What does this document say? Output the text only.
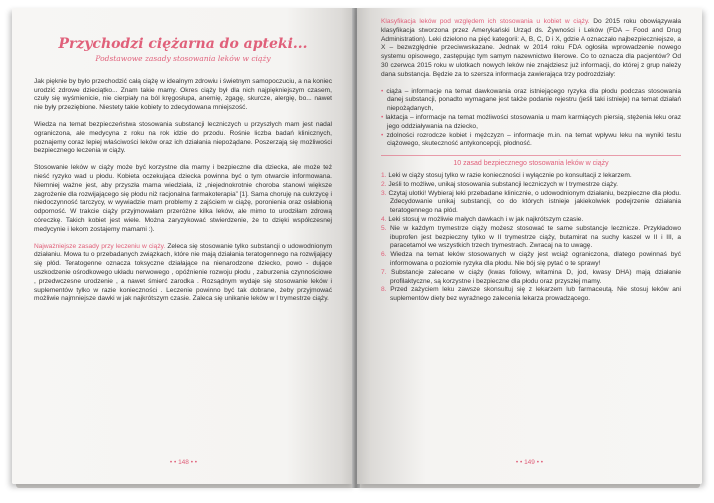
Przychodzi ciężarna do apteki...
Podstawowe zasady stosowania leków w ciąży

Jak pięknie by było przechodzić całą ciążę w idealnym zdrowiu i świetnym samopoczuciu, a na koniec urodzić zdrowe dzieciątko... Znam takie mamy. Okres ciąży był dla nich najpiękniejszym czasem, czuły się wyśmienicie, nie cierpiały na ból kręgosłupa, anemię, zgagę, skurcze, alergię, bo... nawet nie były przeziębione. Niestety takie kobiety to zdecydowana mniejszość.

Wiedza na temat bezpieczeństwa stosowania substancji leczniczych u przyszłych mam jest nadal ograniczona, ale medycyna z roku na rok idzie do przodu. Rośnie liczba badań klinicznych, poznajemy coraz lepiej właściwości leków oraz ich działania niepożądane. Poszerzają się możliwości bezpiecznego leczenia w ciąży.

Stosowanie leków w ciąży może być korzystne dla mamy i bezpieczne dla dziecka, ale może też nieść ryzyko wad u płodu. Kobieta oczekująca dziecka powinna być o tym otwarcie informowana. Niemniej ważne jest, aby przyszła mama wiedziała, iż „niejednokrotnie choroba stanowi większe zagrożenie dla rozwijającego się płodu niż racjonalna farmakoterapia” [1]. Sama choruję na cukrzycę i niedoczynność tarczycy, w wywiadzie mam problemy z zajściem w ciążę, poronienia oraz osłabioną odporność. W trakcie ciąży przyjmowałam przeróżne kilka leków, ale mimo to urodziłam zdrową córeczkę. Takich kobiet jest wiele. Można zaryzykować stwierdzenie, że to dzięki współczesnej medycynie i lekom zostajemy mamami :).

Najważniejsze zasady przy leczeniu w ciąży. Zeleca się stosowanie tylko substancji o udowodnionym działaniu. Mowa tu o przebadanych związkach, które nie mają działania teratogennego na rozwijający się płód. Teratogenne oznacza toksyczne działające na nienarodzone dziecko, powo - dujące uszkodzenie ośrodkowego układu nerwowego , opóźnienie rozwoju płodu , zaburzenia czynnościowe , przedwczesne urodzenie , a nawet śmierć zarodka . Rozsądnym wydaje się stosowanie leków i suplementów tylko w razie konieczności . Leczenie powinno być tak dobrane, żeby przyjmować możliwie najmniejsze dawki w jak najkrótszym czasie. Zaleca się unikanie leków w I trymestrze ciąży.

• • 148 • •

Klasyfikacja leków pod względem ich stosowania u kobiet w ciąży. Do 2015 roku obowiązywała klasyfikacja stworzona przez Amerykański Urząd ds. Żywności i Leków (FDA – Food and Drug Administration). Leki dzielono na pięć kategorii: A, B, C, D i X, gdzie A oznaczało najbezpieczniejsze, a X – bezwzględnie przeciwwskazane. Jednak w 2014 roku FDA ogłosiła wprowadzenie nowego systemu opisowego, zastępując tym samym nazewnictwo literowe. Co to oznacza dla pacjentów? Od 30 czerwca 2015 roku w ulotkach nowych leków nie znajdziesz już informacji, do której z grup należy dana substancja. Będzie za to szersza informacja zawierająca trzy podrozdziały:

• ciąża – informacje na temat dawkowania oraz istniejącego ryzyka dla płodu podczas stosowania danej substancji, ponadto wymagane jest także podanie rejestru (jeśli taki istnieje) na temat działań niepożądanych,
• laktacja – informacje na temat możliwości stosowania u mam karmiących piersią, stężenia leku oraz jego oddziaływania na dziecko,
• zdolności rozrodcze kobiet i mężczyzn – informacje m.in. na temat wpływu leku na wyniki testu ciążowego, skuteczność antykoncepcji, płodność.
10 zasad bezpiecznego stosowania leków w ciąży
1. Leki w ciąży stosuj tylko w razie konieczności i wyłącznie po konsultacji z lekarzem.
2. Jeśli to możliwe, unikaj stosowania substancji leczniczych w I trymestrze ciąży.
3. Czytaj ulotki! Wybieraj leki przebadane klinicznie, o udowodnionym działaniu, bezpieczne dla płodu. Zdecydowanie unikaj substancji, co do których istnieje jakiekolwiek podejrzenie działania teratogennego na płód.
4. Leki stosuj w możliwie małych dawkach i w jak najkrótszym czasie.
5. Nie w każdym trymestrze ciąży możesz stosować te same substancje lecznicze. Przykładowo ibuprofen jest bezpieczny tylko w II trymestrze ciąży, butamirat na suchy kaszel w II i III, a paracetamol we wszystkich trzech trymestrach. Zwracaj na to uwagę.
6. Wiedza na temat leków stosowanych w ciąży jest wciąż ograniczona, dlatego powinnaś być informowana o poziomie ryzyka dla płodu. Nie bój się pytać o te sprawy!
7. Substancje zalecane w ciąży (kwas foliowy, witamina D, jod, kwasy DHA) mają działanie profilaktyczne, są korzystne i bezpieczne dla płodu oraz przyszłej mamy.
8. Przed zażyciem leku zawsze skonsultuj się z lekarzem lub farmaceutą. Nie stosuj leków ani suplementów diety bez wyraźnego zalecenia lekarza prowadzącego.
• • 149 • •
